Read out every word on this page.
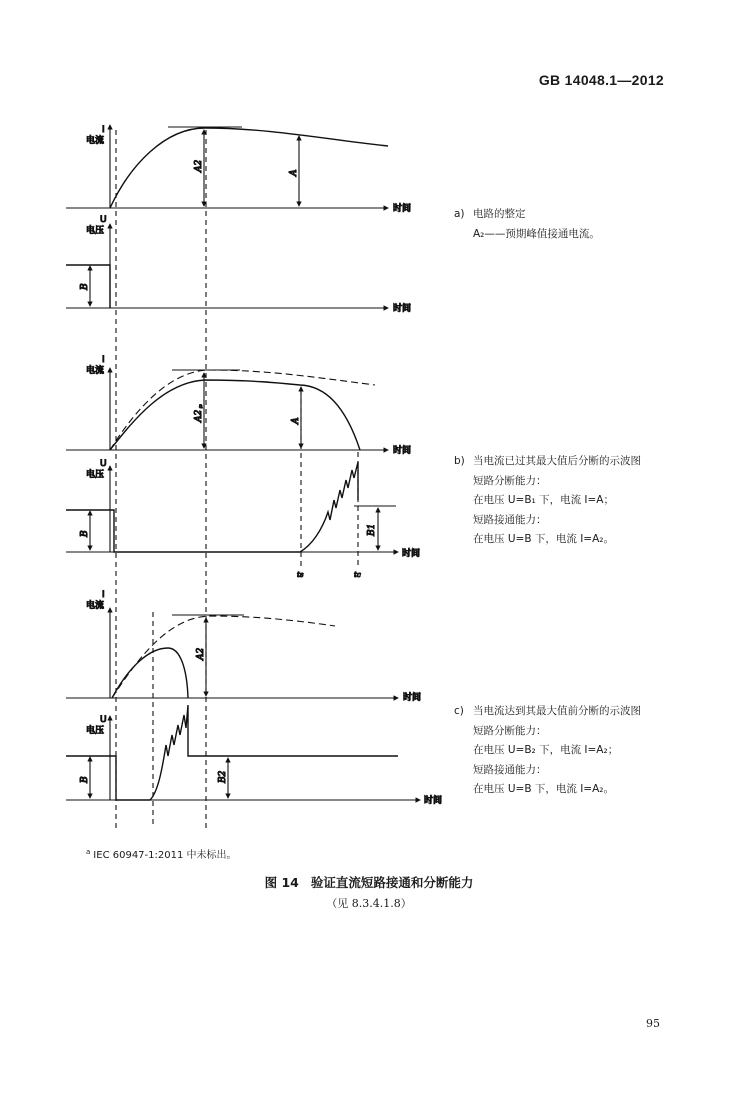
GB 14048.1—2012
I
电流
A2
A
时间
U
电压
B
时间
I
电流
A2
a
A
时间
U
电压
B	B1
ts	tc
时间
I
电流
A2
时间
U
电压
B	B2
时间
a) 电路的整定
A₂——预期峰值接通电流。
b) 当电流已过其最大值后分断的示波图
短路分断能力：
在电压 U=B₁ 下，电流 I=A；
短路接通能力：
在电压 U=B 下，电流 I=A₂。
c) 当电流达到其最大值前分断的示波图
短路分断能力：
在电压 U=B₂ 下，电流 I=A₂；
短路接通能力：
在电压 U=B 下，电流 I=A₂。
$^a$ IEC 60947-1:2011 中未标出。
图 14 验证直流短路接通和分断能力
（见 8.3.4.1.8）
95
